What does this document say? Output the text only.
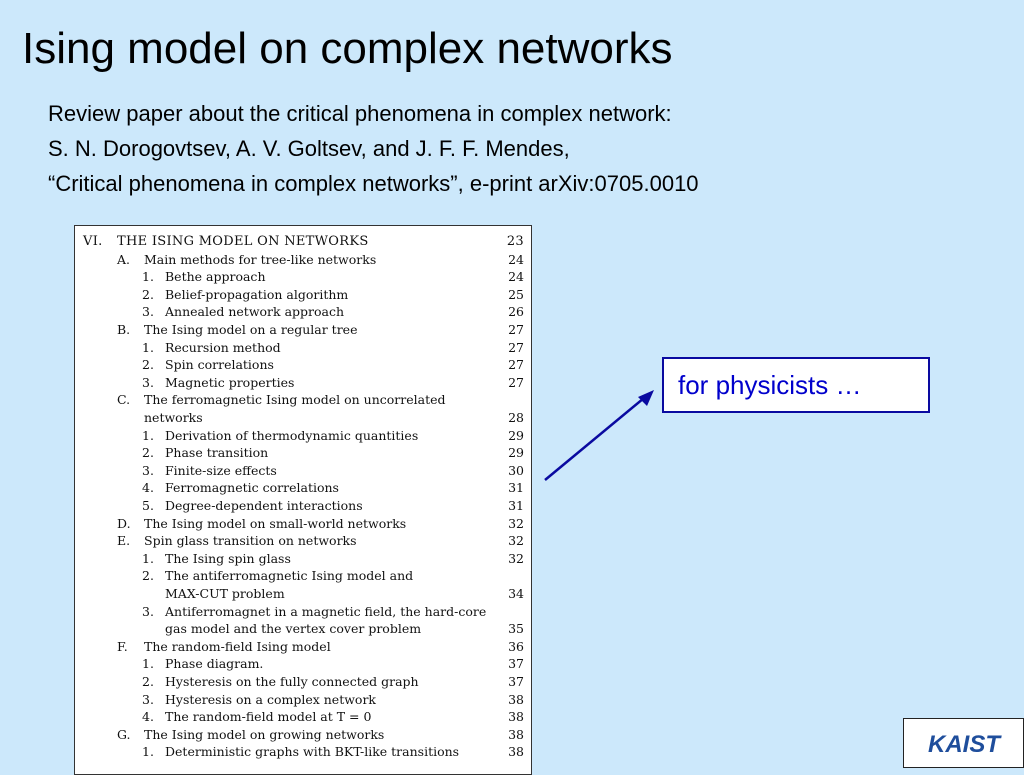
Ising model on complex networks
Review paper about the critical phenomena in complex network:
S. N. Dorogovtsev, A. V. Goltsev, and J. F. F. Mendes,
“Critical phenomena in complex networks”, e-print arXiv:0705.0010
VI. THE ISING MODEL ON NETWORKS	23
A. Main methods for tree-like networks	24
1. Bethe approach	24
2. Belief-propagation algorithm	25
3. Annealed network approach	26
B. The Ising model on a regular tree	27
1. Recursion method	27
2. Spin correlations	27
3. Magnetic properties	27
C. The ferromagnetic Ising model on uncorrelated
networks	28
1. Derivation of thermodynamic quantities	29
2. Phase transition	29
3. Finite-size effects	30
4. Ferromagnetic correlations	31
5. Degree-dependent interactions	31
D. The Ising model on small-world networks	32
E. Spin glass transition on networks	32
1. The Ising spin glass	32
2. The antiferromagnetic Ising model and
MAX-CUT problem	34
3. Antiferromagnet in a magnetic field, the hard-core
gas model and the vertex cover problem	35
F. The random-field Ising model	36
1. Phase diagram.	37
2. Hysteresis on the fully connected graph	37
3. Hysteresis on a complex network	38
4. The random-field model at T = 0	38
G. The Ising model on growing networks	38
1. Deterministic graphs with BKT-like transitions	38
for physicists …
KAIST
